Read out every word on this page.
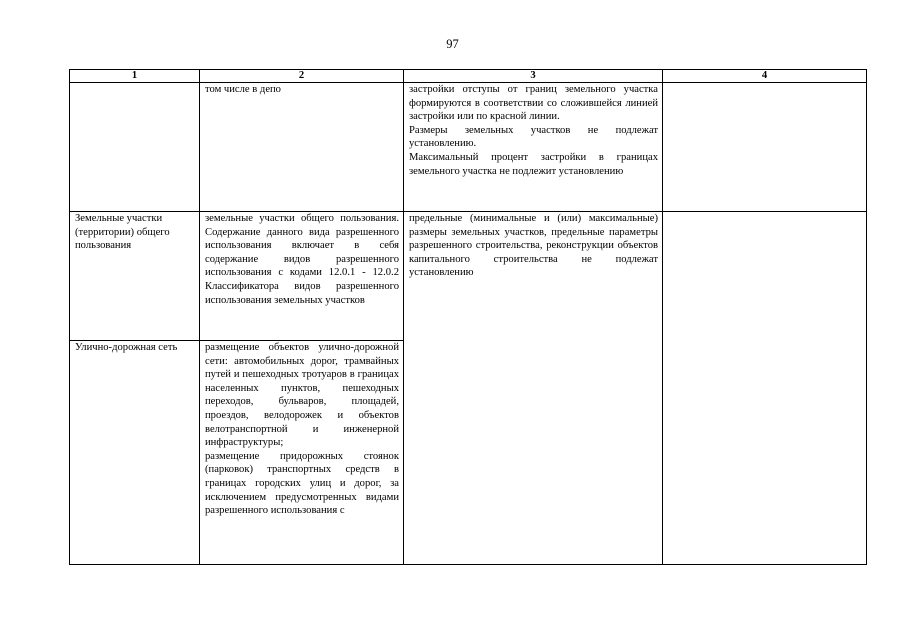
97
1	2	3	4
	том числе в депо	застройки отступы от границ земельного участка формируются в соответствии со сложившейся линией застройки или по красной линии.
Размеры земельных участков не подлежат установлению.
Максимальный процент застройки в границах земельного участка не подлежит установлению	

Земельные участки (территории) общего пользования	земельные участки общего пользования. Содержание данного вида разрешенного использования включает в себя содержание видов разрешенного использования с кодами 12.0.1 - 12.0.2 Классификатора видов разрешенного использования земельных участков	предельные (минимальные и (или) максимальные) размеры земельных участков, предельные параметры разрешенного строительства, реконструкции объектов капитального строительства не подлежат установлению	
Улично-дорожная сеть	размещение объектов улично-дорожной сети: автомобильных дорог, трамвайных путей и пешеходных тротуаров в границах населенных пунктов, пешеходных переходов, бульваров, площадей, проездов, велодорожек и объектов велотранспортной и инженерной инфраструктуры;
размещение придорожных стоянок (парковок) транспортных средств в границах городских улиц и дорог, за исключением предусмотренных видами разрешенного использования с		
